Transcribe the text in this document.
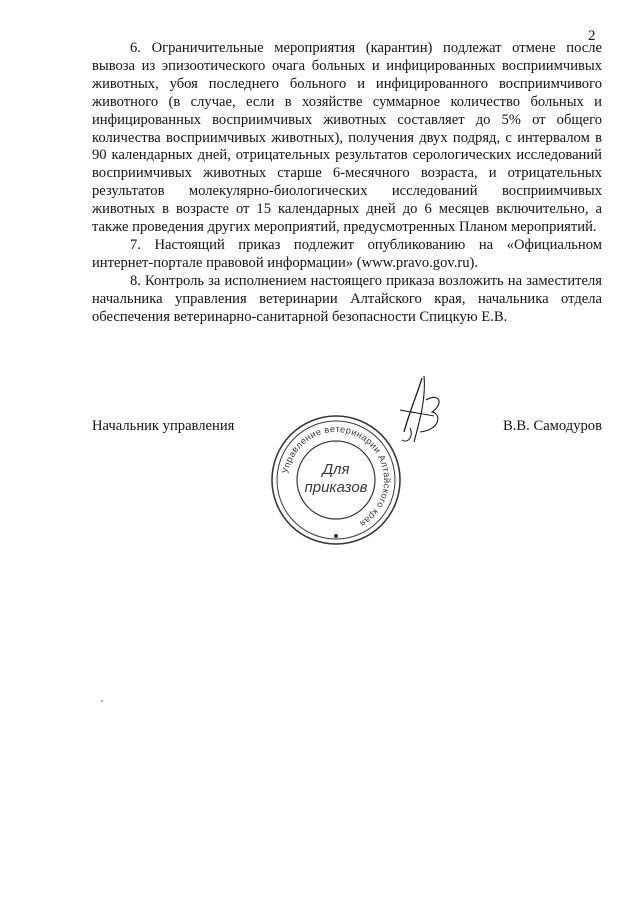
2

6. Ограничительные мероприятия (карантин) подлежат отмене после вывоза из эпизоотического очага больных и инфицированных восприимчивых животных, убоя последнего больного и инфицированного восприимчивого животного (в случае, если в хозяйстве суммарное количество больных и инфицированных восприимчивых животных составляет до 5% от общего количества восприимчивых животных), получения двух подряд, с интервалом в 90 календарных дней, отрицательных результатов серологических исследований восприимчивых животных старше 6-месячного возраста, и отрицательных результатов молекулярно-биологических исследований восприимчивых животных в возрасте от 15 календарных дней до 6 месяцев включительно, а также проведения других мероприятий, предусмотренных Планом мероприятий.

7. Настоящий приказ подлежит опубликованию на «Официальном интернет-портале правовой информации» (www.pravo.gov.ru).

8. Контроль за исполнением настоящего приказа возложить на заместителя начальника управления ветеринарии Алтайского края, начальника отдела обеспечения ветеринарно-санитарной безопасности Спицкую Е.В.

Начальник управления	В.В. Самодуров
Управление ветеринарии Алтайского края
Для
приказов
